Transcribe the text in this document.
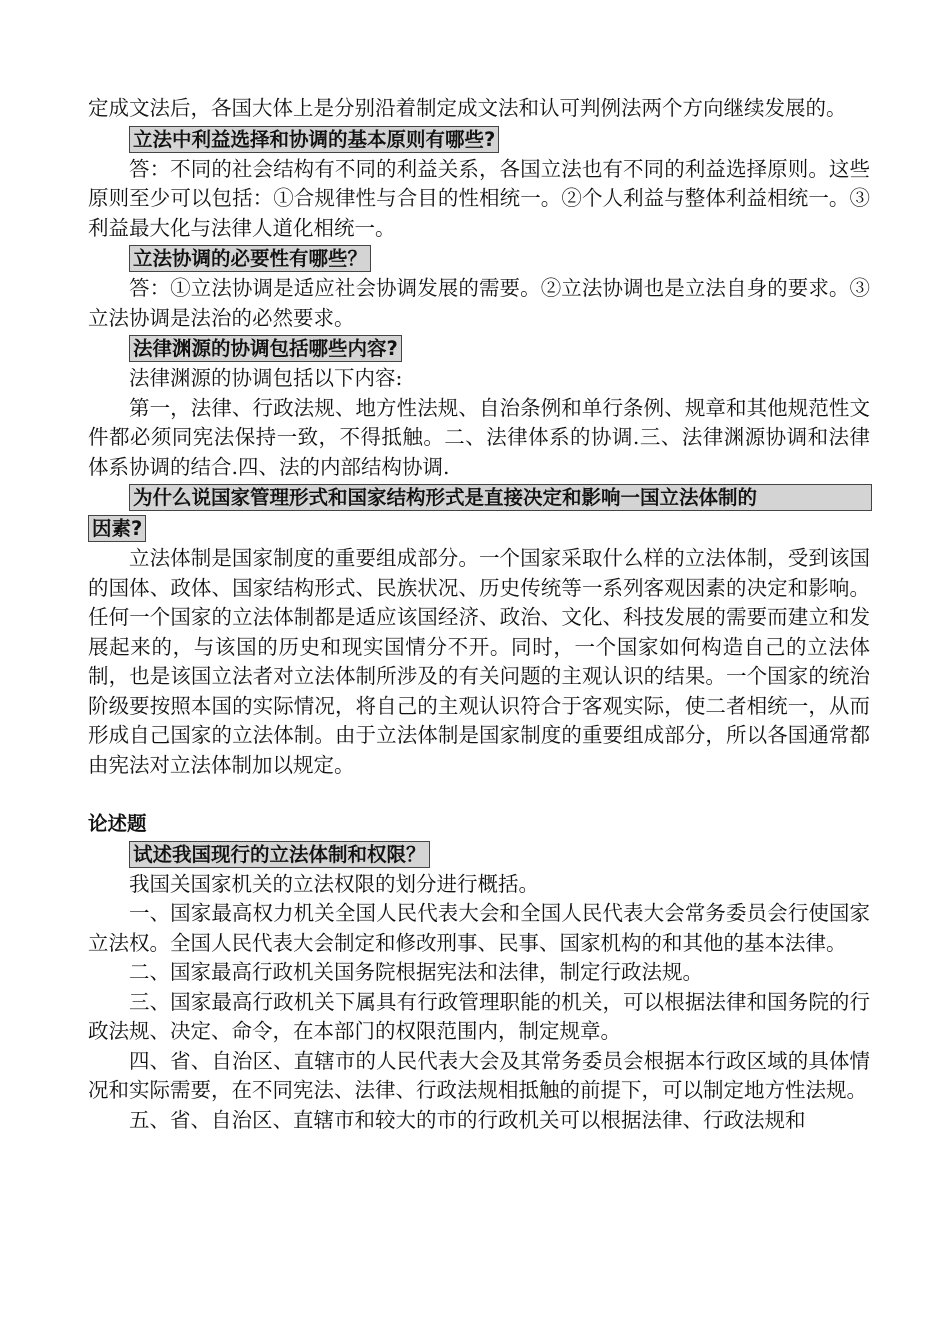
定成文法后，各国大体上是分别沿着制定成文法和认可判例法两个方向继续发展的。

立法中利益选择和协调的基本原则有哪些?

答：不同的社会结构有不同的利益关系，各国立法也有不同的利益选择原则。这些原则至少可以包括：①合规律性与合目的性相统一。②个人利益与整体利益相统一。③利益最大化与法律人道化相统一。

立法协调的必要性有哪些？

答：①立法协调是适应社会协调发展的需要。②立法协调也是立法自身的要求。③立法协调是法治的必然要求。

法律渊源的协调包括哪些内容?

法律渊源的协调包括以下内容:

第一，法律、行政法规、地方性法规、自治条例和单行条例、规章和其他规范性文件都必须同宪法保持一致，不得抵触。二、法律体系的协调.三、法律渊源协调和法律体系协调的结合.四、法的内部结构协调.

为什么说国家管理形式和国家结构形式是直接决定和影响一国立法体制的
因素?

立法体制是国家制度的重要组成部分。一个国家采取什么样的立法体制，受到该国的国体、政体、国家结构形式、民族状况、历史传统等一系列客观因素的决定和影响。任何一个国家的立法体制都是适应该国经济、政治、文化、科技发展的需要而建立和发展起来的，与该国的历史和现实国情分不开。同时，一个国家如何构造自己的立法体制，也是该国立法者对立法体制所涉及的有关问题的主观认识的结果。一个国家的统治阶级要按照本国的实际情况，将自己的主观认识符合于客观实际，使二者相统一，从而形成自己国家的立法体制。由于立法体制是国家制度的重要组成部分，所以各国通常都由宪法对立法体制加以规定。

论述题

试述我国现行的立法体制和权限？

我国关国家机关的立法权限的划分进行概括。

一、国家最高权力机关全国人民代表大会和全国人民代表大会常务委员会行使国家立法权。全国人民代表大会制定和修改刑事、民事、国家机构的和其他的基本法律。

二、国家最高行政机关国务院根据宪法和法律，制定行政法规。

三、国家最高行政机关下属具有行政管理职能的机关，可以根据法律和国务院的行政法规、决定、命令，在本部门的权限范围内，制定规章。

四、省、自治区、直辖市的人民代表大会及其常务委员会根据本行政区域的具体情况和实际需要，在不同宪法、法律、行政法规相抵触的前提下，可以制定地方性法规。

五、省、自治区、直辖市和较大的市的行政机关可以根据法律、行政法规和
